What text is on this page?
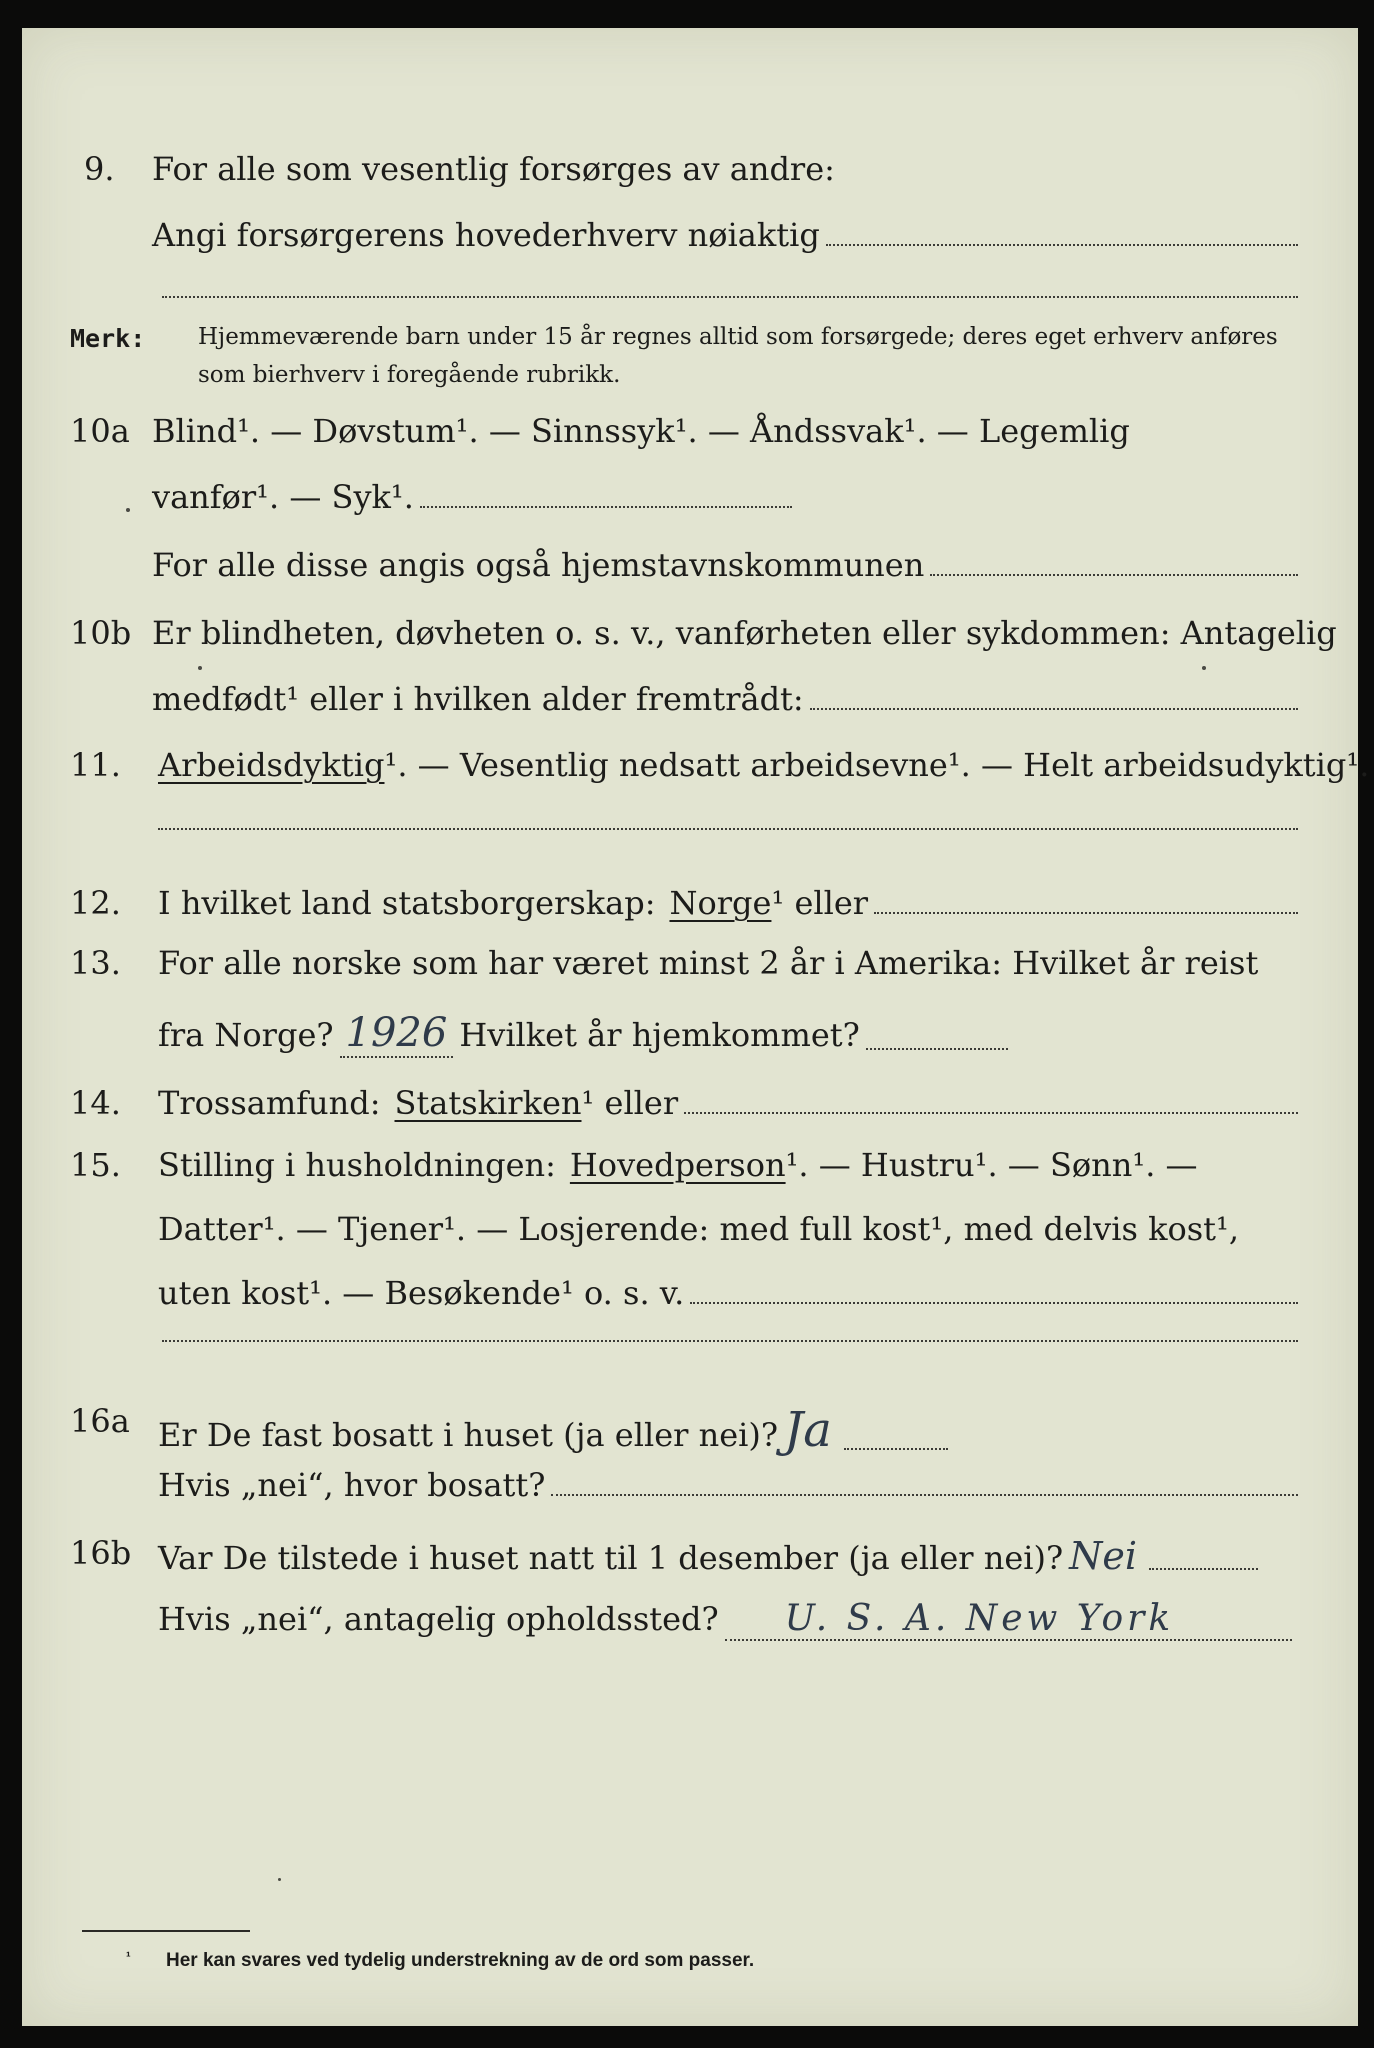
9. For alle som vesentlig forsørges av andre:
Angi forsørgerens hovederhverv nøiaktig
Merk: Hjemmeværende barn under 15 år regnes alltid som forsørgede; deres eget erhverv anføres som bierhverv i foregående rubrikk.
10a Blind¹. — Døvstum¹. — Sinnssyk¹. — Åndssvak¹. — Legemlig
vanfør¹. — Syk¹.
For alle disse angis også hjemstavnskommunen
10b Er blindheten, døvheten o. s. v., vanførheten eller sykdommen: Antagelig
medfødt¹ eller i hvilken alder fremtrådt:
11. Arbeidsdyktig ¹. — Vesentlig nedsatt arbeidsevne¹. — Helt arbeidsudyktig¹.
12. I hvilket land statsborgerskap: Norge ¹ eller
13. For alle norske som har været minst 2 år i Amerika: Hvilket år reist
fra Norge? 1926 Hvilket år hjemkommet?
14. Trossamfund: Statskirken ¹ eller
15. Stilling i husholdningen: Hovedperson ¹. — Hustru¹. — Sønn¹. —
Datter¹. — Tjener¹. — Losjerende: med full kost¹, med delvis kost¹,
uten kost¹. — Besøkende¹ o. s. v.
16a Er De fast bosatt i huset (ja eller nei)? Ja
Hvis „nei“, hvor bosatt?
16b Var De tilstede i huset natt til 1 desember (ja eller nei)? Nei
Hvis „nei“, antagelig opholdssted?	U. S. A. New York
¹ Her kan svares ved tydelig understrekning av de ord som passer.
